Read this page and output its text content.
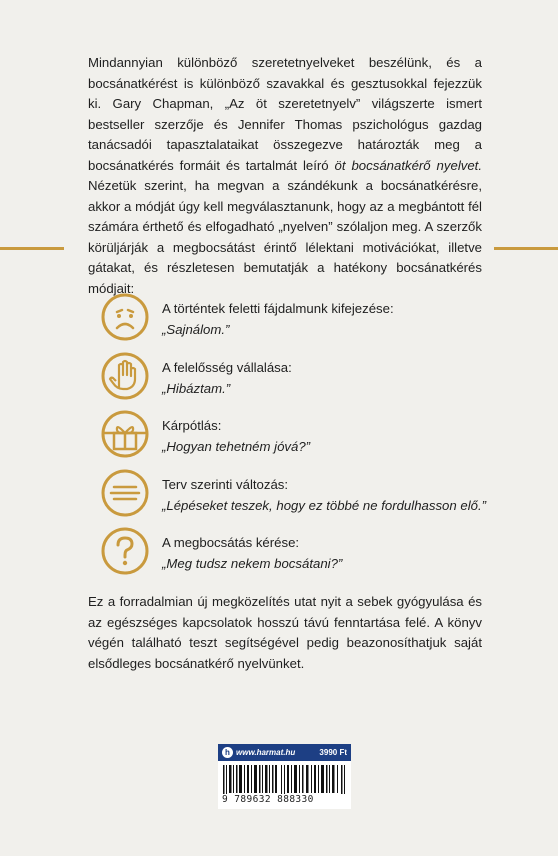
Mindannyian különböző szeretetnyelveket beszélünk, és a bocsánatkérést is különböző szavakkal és gesztusokkal fejezzük ki. Gary Chapman, „Az öt szeretetnyelv” világszerte ismert bestseller szerzője és Jennifer Thomas pszichológus gazdag tanácsadói tapasztalataikat összegezve határozták meg a bocsánatkérés formáit és tartalmát leíró öt bocsánatkérő nyelvet. Nézetük szerint, ha megvan a szándékunk a bocsánatkérésre, akkor a módját úgy kell megválasztanunk, hogy az a megbántott fél számára érthető és elfogadható „nyelven” szólaljon meg. A szerzők körüljárják a megbocsátást érintő lélektani motivációkat, illetve gátakat, és részletesen bemutatják a hatékony bocsánatkérés módjait:

A történtek feletti fájdalmunk kifejezése:
„Sajnálom.”
A felelősség vállalása:
„Hibáztam.”
Kárpótlás:
„Hogyan tehetném jóvá?”
Terv szerinti változás:
„Lépéseket teszek, hogy ez többé ne fordulhasson elő.”
A megbocsátás kérése:
„Meg tudsz nekem bocsátani?”

Ez a forradalmian új megközelítés utat nyit a sebek gyógyulása és az egészséges kapcsolatok hosszú távú fenntartása felé. A könyv végén található teszt segítségével pedig beazonosíthatjuk saját elsődleges bocsánatkérő nyelvünket.

h www.harmat.hu	3990 Ft
9 789632 888330
